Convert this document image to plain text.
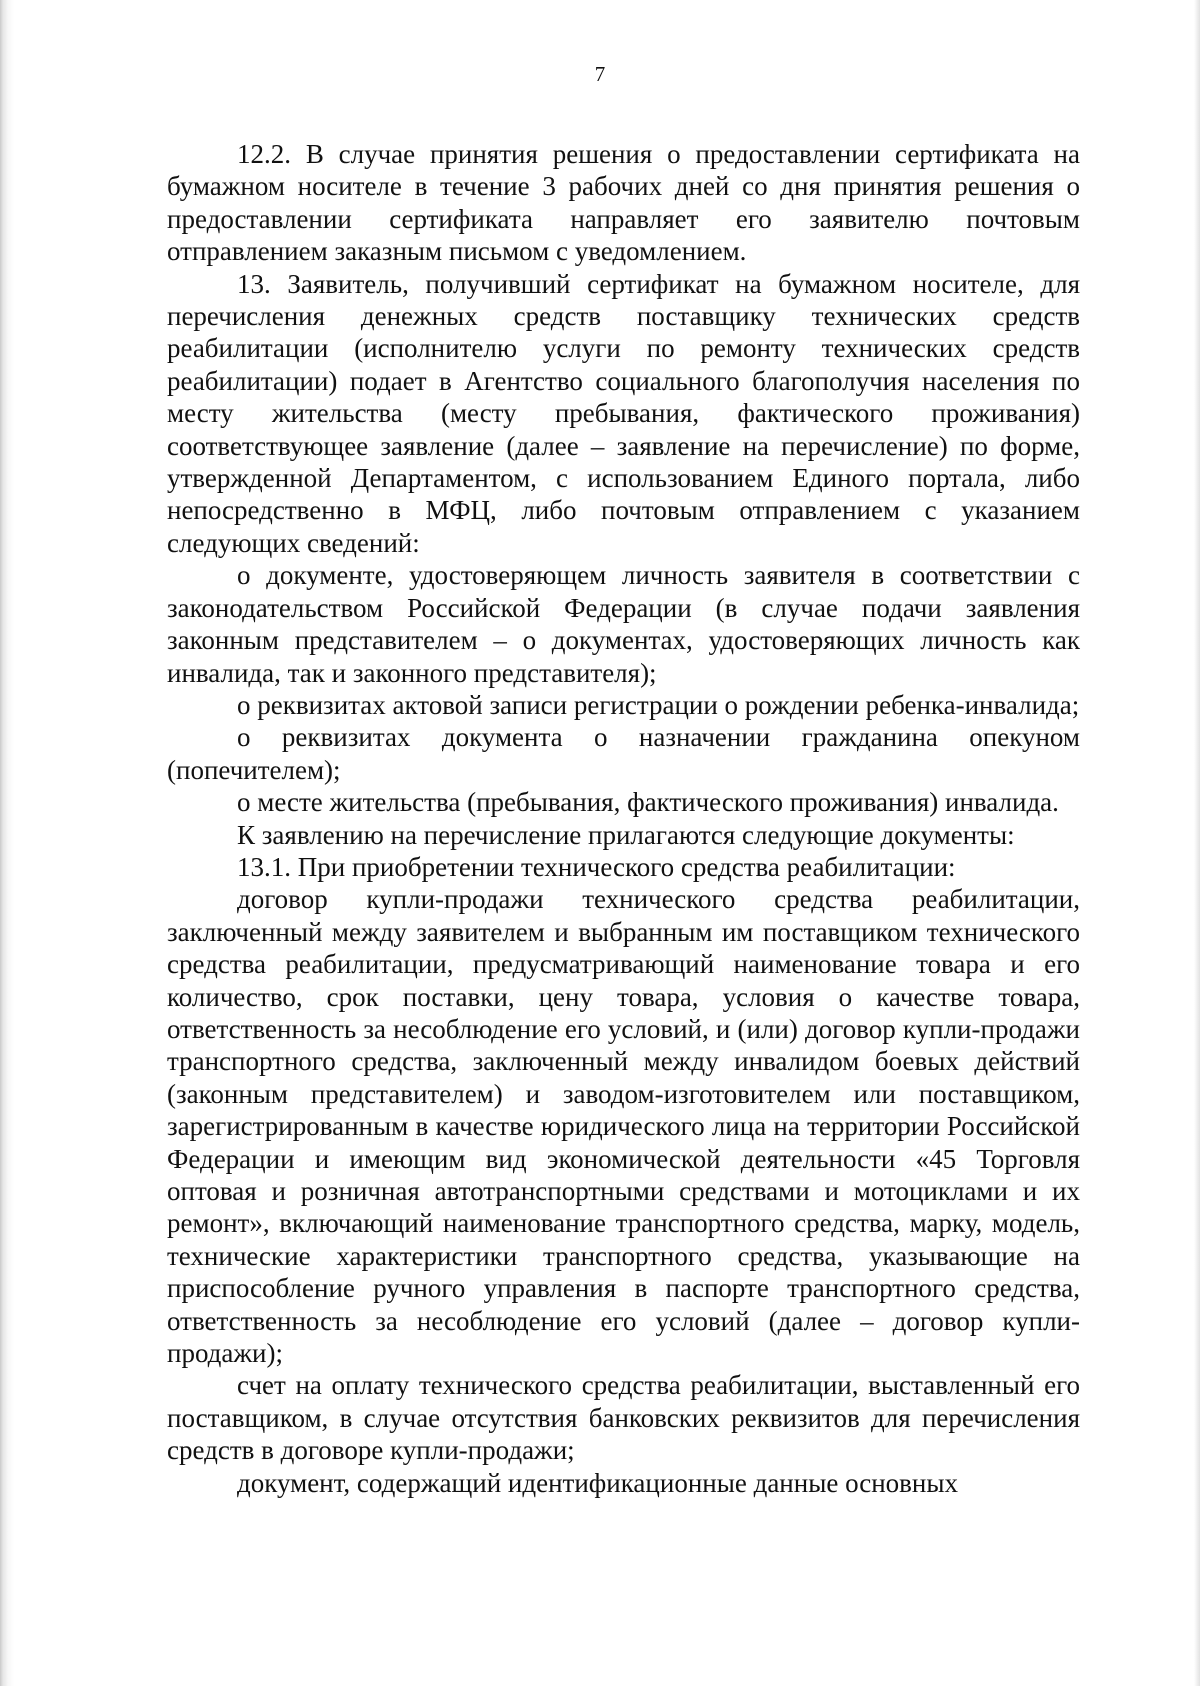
7

12.2. В случае принятия решения о предоставлении сертификата на бумажном носителе в течение 3 рабочих дней со дня принятия решения о предоставлении сертификата направляет его заявителю почтовым отправлением заказным письмом с уведомлением.

13. Заявитель, получивший сертификат на бумажном носителе, для перечисления денежных средств поставщику технических средств реабилитации (исполнителю услуги по ремонту технических средств реабилитации) подает в Агентство социального благополучия населения по месту жительства (месту пребывания, фактического проживания) соответствующее заявление (далее – заявление на перечисление) по форме, утвержденной Департаментом, с использованием Единого портала, либо непосредственно в МФЦ, либо почтовым отправлением с указанием следующих сведений:

о документе, удостоверяющем личность заявителя в соответствии с законодательством Российской Федерации (в случае подачи заявления законным представителем – о документах, удостоверяющих личность как инвалида, так и законного представителя);

о реквизитах актовой записи регистрации о рождении ребенка-инвалида;

о реквизитах документа о назначении гражданина опекуном (попечителем);

о месте жительства (пребывания, фактического проживания) инвалида.

К заявлению на перечисление прилагаются следующие документы:

13.1. При приобретении технического средства реабилитации:

договор купли-продажи технического средства реабилитации, заключенный между заявителем и выбранным им поставщиком технического средства реабилитации, предусматривающий наименование товара и его количество, срок поставки, цену товара, условия о качестве товара, ответственность за несоблюдение его условий, и (или) договор купли-продажи транспортного средства, заключенный между инвалидом боевых действий (законным представителем) и заводом-изготовителем или поставщиком, зарегистрированным в качестве юридического лица на территории Российской Федерации и имеющим вид экономической деятельности «45 Торговля оптовая и розничная автотранспортными средствами и мотоциклами и их ремонт», включающий наименование транспортного средства, марку, модель, технические характеристики транспортного средства, указывающие на приспособление ручного управления в паспорте транспортного средства, ответственность за несоблюдение его условий (далее – договор купли-продажи);

счет на оплату технического средства реабилитации, выставленный его поставщиком, в случае отсутствия банковских реквизитов для перечисления средств в договоре купли-продажи;

документ, содержащий идентификационные данные основных
